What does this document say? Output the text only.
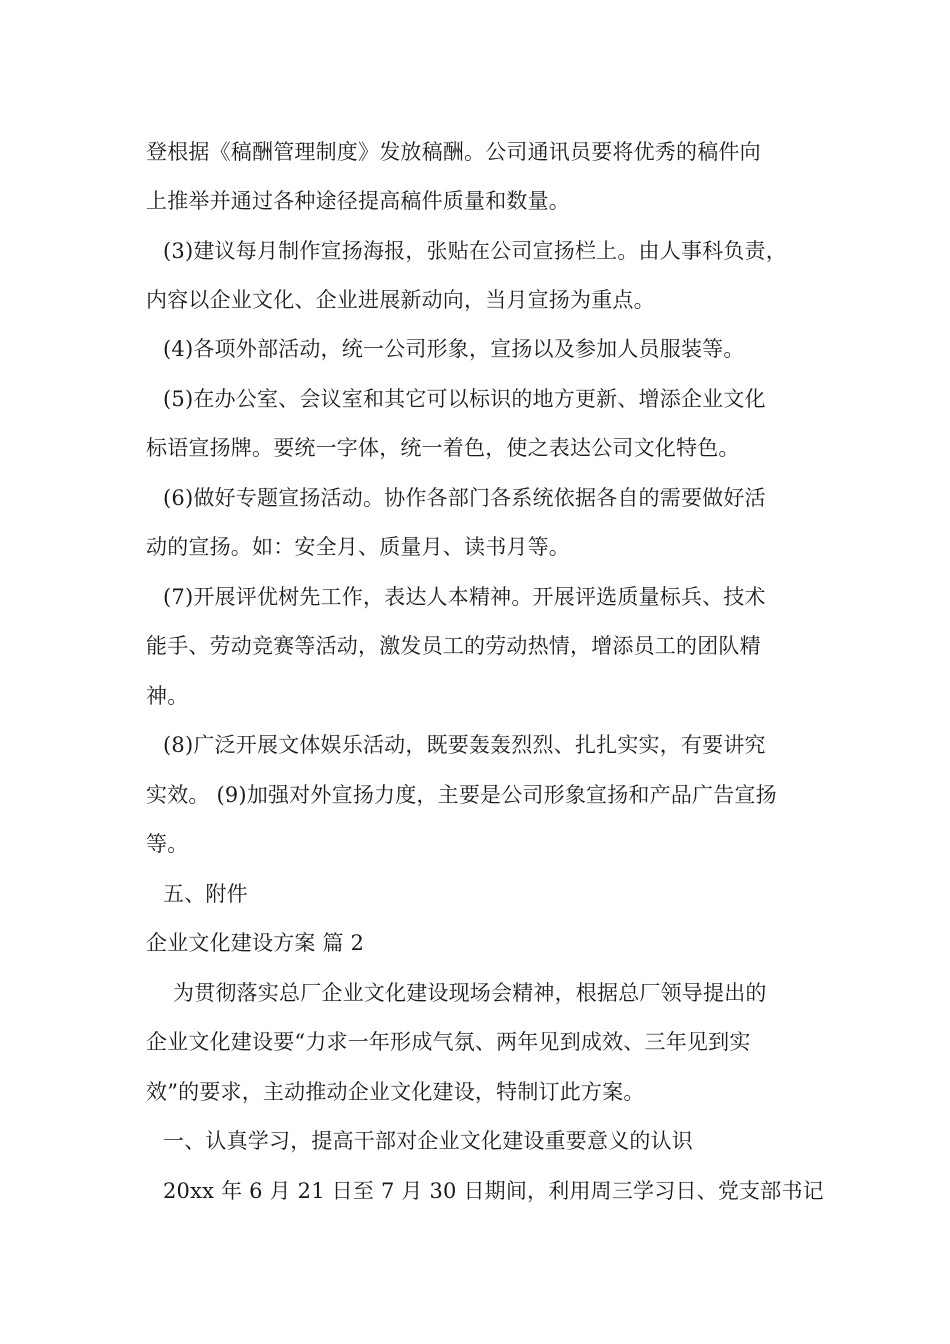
登根据《稿酬管理制度》发放稿酬。公司通讯员要将优秀的稿件向
上推举并通过各种途径提高稿件质量和数量。
(3)建议每月制作宣扬海报，张贴在公司宣扬栏上。由人事科负责，
内容以企业文化、企业进展新动向，当月宣扬为重点。
(4)各项外部活动，统一公司形象，宣扬以及参加人员服装等。
(5)在办公室、会议室和其它可以标识的地方更新、增添企业文化
标语宣扬牌。要统一字体，统一着色，使之表达公司文化特色。
(6)做好专题宣扬活动。协作各部门各系统依据各自的需要做好活
动的宣扬。如：安全月、质量月、读书月等。
(7)开展评优树先工作，表达人本精神。开展评选质量标兵、技术
能手、劳动竞赛等活动，激发员工的劳动热情，增添员工的团队精
神。
(8)广泛开展文体娱乐活动，既要轰轰烈烈、扎扎实实，有要讲究
实效。 (9)加强对外宣扬力度，主要是公司形象宣扬和产品广告宣扬
等。
五、附件
企业文化建设方案 篇 2
为贯彻落实总厂企业文化建设现场会精神，根据总厂领导提出的
企业文化建设要“力求一年形成气氛、两年见到成效、三年见到实
效”的要求，主动推动企业文化建设，特制订此方案。
一、认真学习，提高干部对企业文化建设重要意义的认识
20xx 年 6 月 21 日至 7 月 30 日期间，利用周三学习日、党支部书记
